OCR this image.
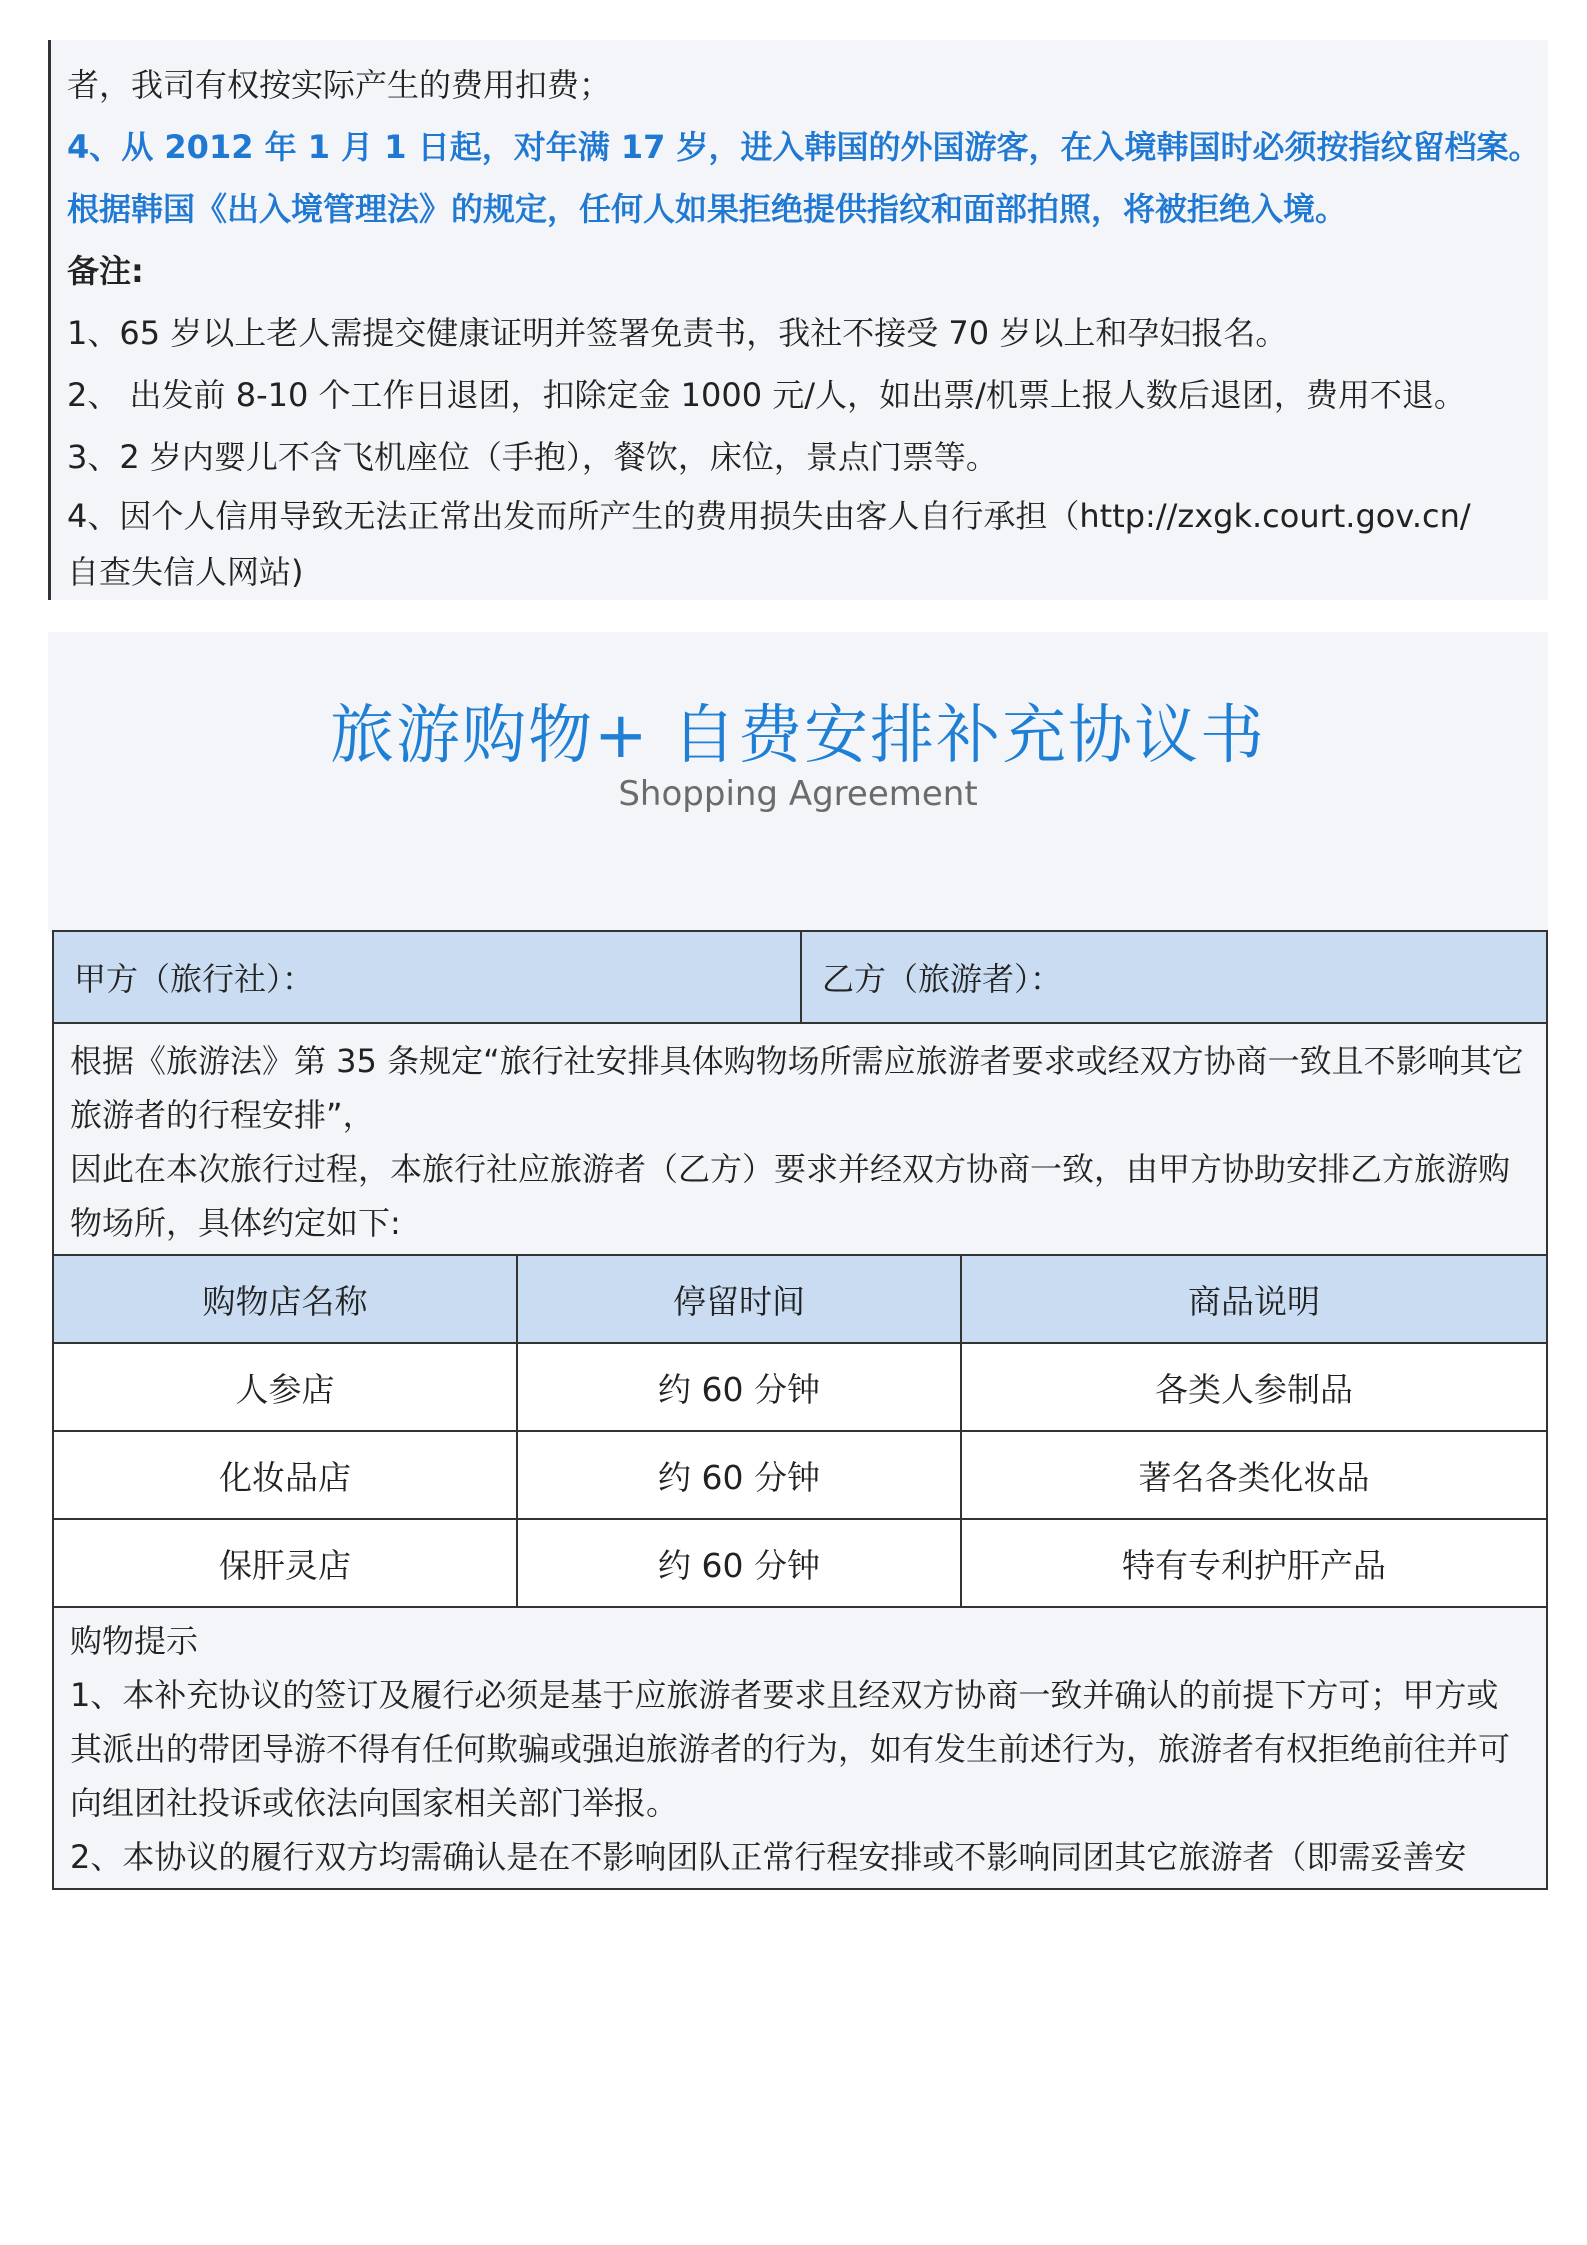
者，我司有权按实际产生的费用扣费；
4、从 2012 年 1 月 1 日起，对年满 17 岁，进入韩国的外国游客，在入境韩国时必须按指纹留档案。
根据韩国《出入境管理法》的规定，任何人如果拒绝提供指纹和面部拍照，将被拒绝入境。
备注:
1、65 岁以上老人需提交健康证明并签署免责书，我社不接受 70 岁以上和孕妇报名。
2、 出发前 8-10 个工作日退团，扣除定金 1000 元/人，如出票/机票上报人数后退团，费用不退。
3、2 岁内婴儿不含飞机座位（手抱），餐饮，床位，景点门票等。
4、因个人信用导致无法正常出发而所产生的费用损失由客人自行承担（http://zxgk.court.gov.cn/
自查失信人网站)
旅游购物+ 自费安排补充协议书
Shopping Agreement
甲方（旅行社）：	乙方（旅游者）：

根据《旅游法》第 35 条规定“旅行社安排具体购物场所需应旅游者要求或经双方协商一致且不影响其它旅游者的行程安排”，

因此在本次旅行过程，本旅行社应旅游者（乙方）要求并经双方协商一致，由甲方协助安排乙方旅游购物场所，具体约定如下:

购物店名称	停留时间	商品说明
人参店	约 60 分钟	各类人参制品
化妆品店	约 60 分钟	著名各类化妆品
保肝灵店	约 60 分钟	特有专利护肝产品

购物提示

1、本补充协议的签订及履行必须是基于应旅游者要求且经双方协商一致并确认的前提下方可；甲方或其派出的带团导游不得有任何欺骗或强迫旅游者的行为，如有发生前述行为，旅游者有权拒绝前往并可向组团社投诉或依法向国家相关部门举报。

2、本协议的履行双方均需确认是在不影响团队正常行程安排或不影响同团其它旅游者（即需妥善安
